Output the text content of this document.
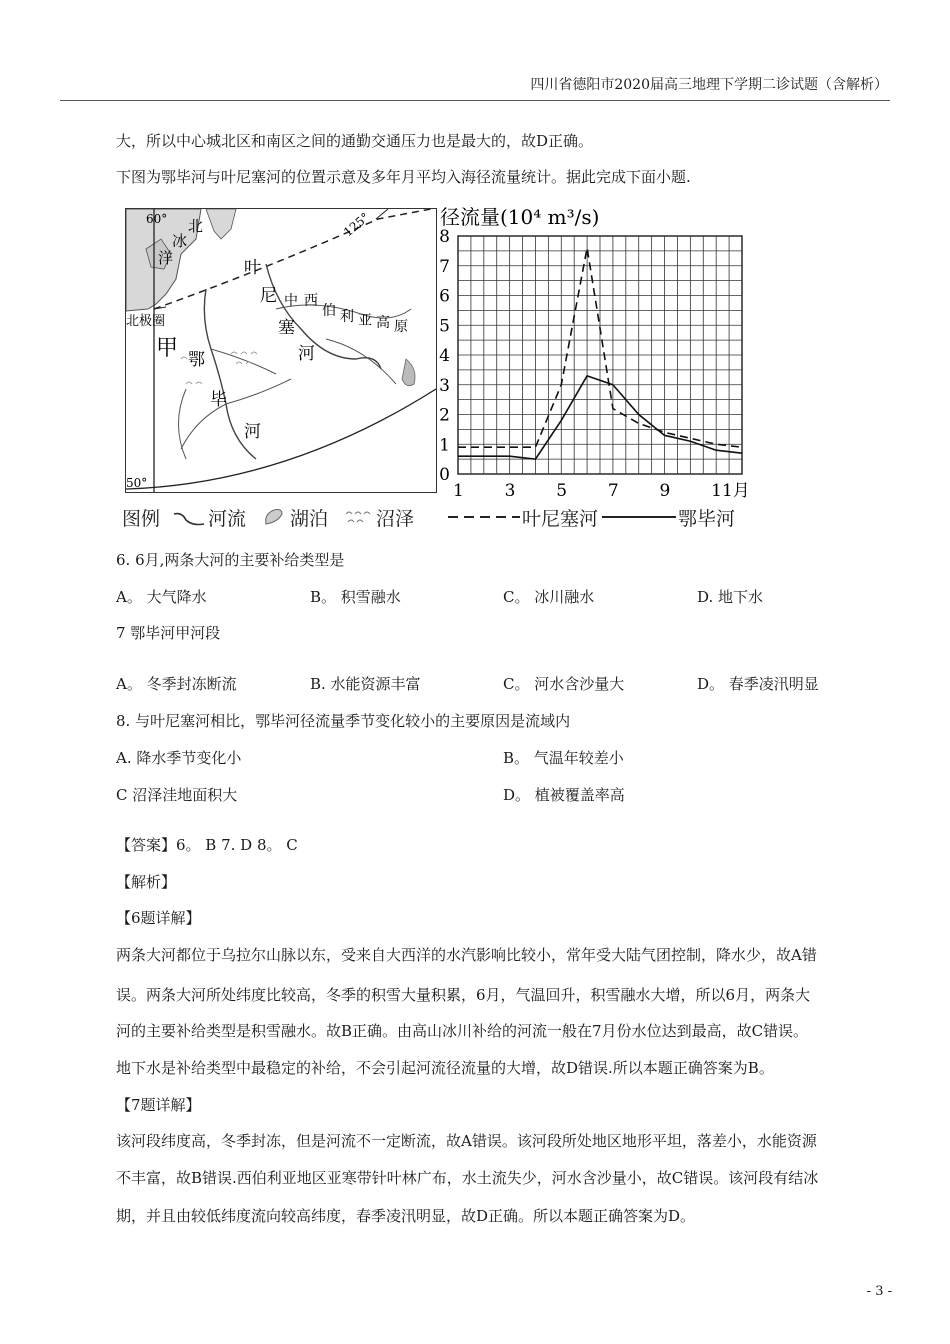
四川省德阳市2020届高三地理下学期二诊试题（含解析）
大，所以中心城北区和南区之间的通勤交通压力也是最大的，故D正确。
下图为鄂毕河与叶尼塞河的位置示意及多年月平均入海径流量统计。据此完成下面小题.
60°
50°
125°
北极圈
北
冰
洋	叶
尼
塞
河
中 西
伯 利 亚 高 原
甲 鄂
毕
河
径流量(10⁴ m³/s)
0
1
2
3
4
5
6
7
8
1 3 5 7 9 11月
图例	河流 湖泊	沼泽	叶尼塞河	鄂毕河
6. 6月,两条大河的主要补给类型是
A。 大气降水	B。 积雪融水	C。 冰川融水	D. 地下水
7 鄂毕河甲河段
A。 冬季封冻断流	B. 水能资源丰富	C。 河水含沙量大	D。 春季凌汛明显
8. 与叶尼塞河相比，鄂毕河径流量季节变化较小的主要原因是流域内
A. 降水季节变化小	B。 气温年较差小
C 沼泽洼地面积大	D。 植被覆盖率高
【答案】6。 B 7. D 8。 C
【解析】
【6题详解】
两条大河都位于乌拉尔山脉以东，受来自大西洋的水汽影响比较小，常年受大陆气团控制，降水少，故A错
误。两条大河所处纬度比较高，冬季的积雪大量积累，6月，气温回升，积雪融水大增，所以6月，两条大
河的主要补给类型是积雪融水。故B正确。由高山冰川补给的河流一般在7月份水位达到最高，故C错误。
地下水是补给类型中最稳定的补给，不会引起河流径流量的大增，故D错误.所以本题正确答案为B。
【7题详解】
该河段纬度高，冬季封冻，但是河流不一定断流，故A错误。该河段所处地区地形平坦，落差小，水能资源
不丰富，故B错误.西伯利亚地区亚寒带针叶林广布，水土流失少，河水含沙量小，故C错误。该河段有结冰
期，并且由较低纬度流向较高纬度，春季凌汛明显，故D正确。所以本题正确答案为D。
- 3 -
